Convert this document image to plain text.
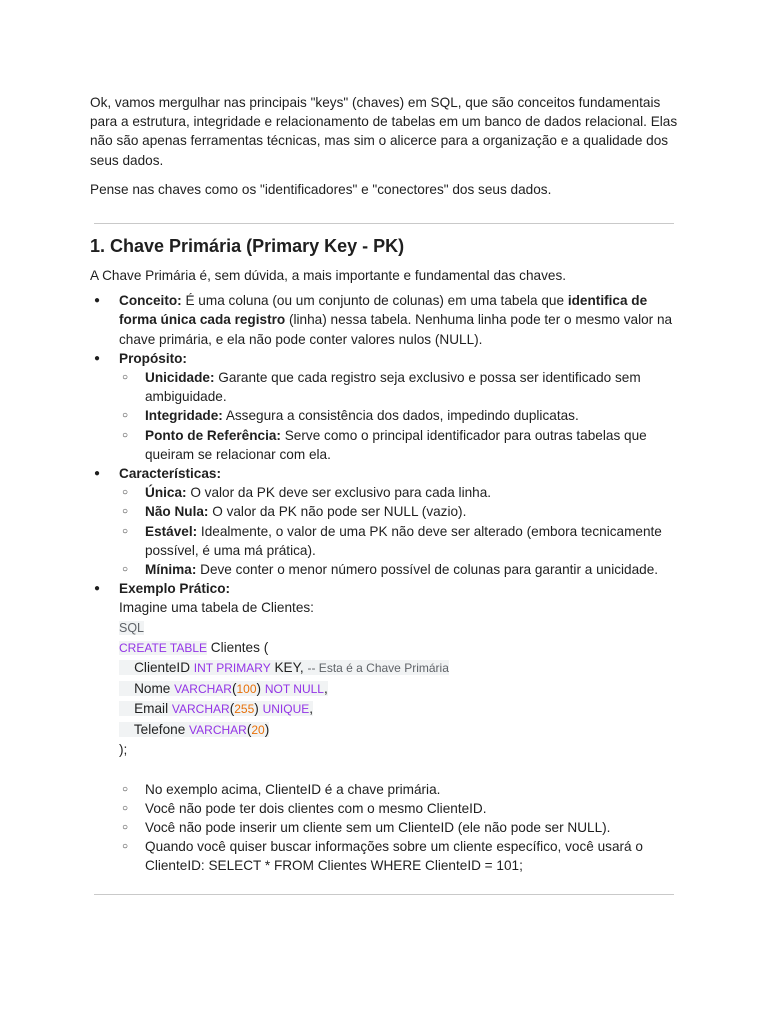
Ok, vamos mergulhar nas principais "keys" (chaves) em SQL, que são conceitos fundamentais para a estrutura, integridade e relacionamento de tabelas em um banco de dados relacional. Elas não são apenas ferramentas técnicas, mas sim o alicerce para a organização e a qualidade dos seus dados.

Pense nas chaves como os "identificadores" e "conectores" dos seus dados.

1. Chave Primária (Primary Key - PK)

A Chave Primária é, sem dúvida, a mais importante e fundamental das chaves.

● Conceito: É uma coluna (ou um conjunto de colunas) em uma tabela que identifica de forma única cada registro (linha) nessa tabela. Nenhuma linha pode ter o mesmo valor na chave primária, e ela não pode conter valores nulos (NULL).
● Propósito:
○ Unicidade: Garante que cada registro seja exclusivo e possa ser identificado sem ambiguidade.
○ Integridade: Assegura a consistência dos dados, impedindo duplicatas.
○ Ponto de Referência: Serve como o principal identificador para outras tabelas que queiram se relacionar com ela.
● Características:
○ Única: O valor da PK deve ser exclusivo para cada linha.
○ Não Nula: O valor da PK não pode ser NULL (vazio).
○ Estável: Idealmente, o valor de uma PK não deve ser alterado (embora tecnicamente possível, é uma má prática).
○ Mínima: Deve conter o menor número possível de colunas para garantir a unicidade.
● Exemplo Prático:
Imagine uma tabela de Clientes:
SQL
CREATE TABLE Clientes (
ClienteID INT PRIMARY KEY, -- Esta é a Chave Primária
Nome VARCHAR(100) NOT NULL,
Email VARCHAR(255) UNIQUE,
Telefone VARCHAR(20)
);
○ No exemplo acima, ClienteID é a chave primária.
○ Você não pode ter dois clientes com o mesmo ClienteID.
○ Você não pode inserir um cliente sem um ClienteID (ele não pode ser NULL).
○ Quando você quiser buscar informações sobre um cliente específico, você usará o ClienteID: SELECT * FROM Clientes WHERE ClienteID = 101;
